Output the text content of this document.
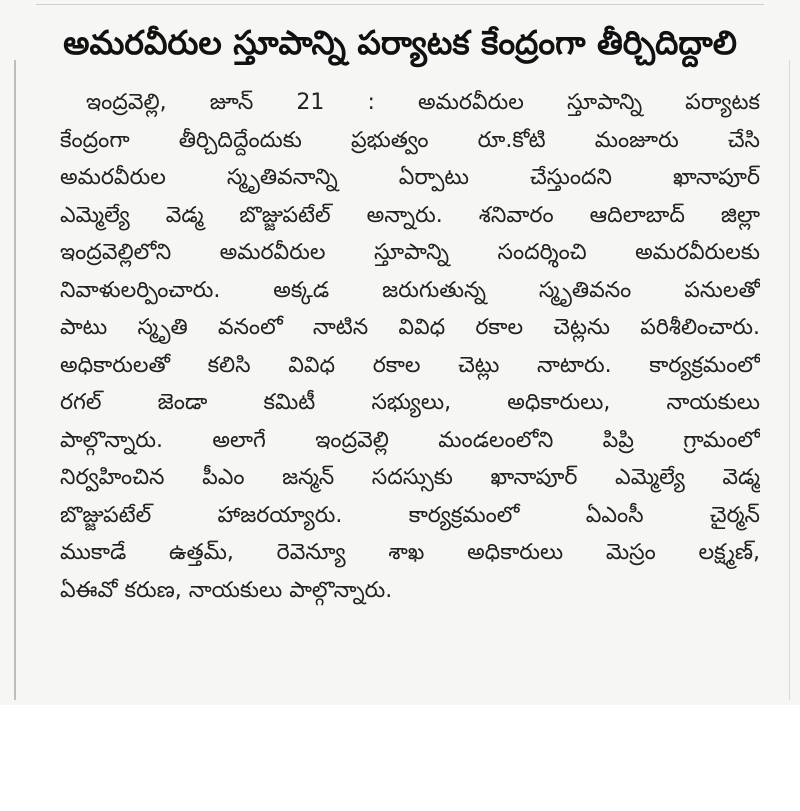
అమరవీరుల స్తూపాన్ని పర్యాటక కేంద్రంగా తీర్చిదిద్దాలి
ఇంద్రవెల్లి, జూన్ 21 : అమరవీరుల స్తూపాన్ని పర్యాటక
కేంద్రంగా తీర్చిదిద్దేందుకు ప్రభుత్వం రూ.కోటి మంజూరు చేసి
అమరవీరుల స్మృతివనాన్ని ఏర్పాటు చేస్తుందని ఖానాపూర్
ఎమ్మెల్యే వెడ్మ బొజ్జుపటేల్ అన్నారు. శనివారం ఆదిలాబాద్ జిల్లా
ఇంద్రవెల్లిలోని అమరవీరుల స్తూపాన్ని సందర్శించి అమరవీరులకు
నివాళులర్పించారు. అక్కడ జరుగుతున్న స్మృతివనం పనులతో
పాటు స్మృతి వనంలో నాటిన వివిధ రకాల చెట్లను పరిశీలించారు.
అధికారులతో కలిసి వివిధ రకాల చెట్లు నాటారు. కార్యక్రమంలో
రగల్ జెండా కమిటీ సభ్యులు, అధికారులు, నాయకులు
పాల్గొన్నారు. అలాగే ఇంద్రవెల్లి మండలంలోని పిప్రి గ్రామంలో
నిర్వహించిన పీఎం జన్మన్ సదస్సుకు ఖానాపూర్ ఎమ్మెల్యే వెడ్మ
బొజ్జుపటేల్ హాజరయ్యారు. కార్యక్రమంలో ఏఎంసీ చైర్మన్
ముకాడే ఉత్తమ్, రెవెన్యూ శాఖ అధికారులు మెస్రం లక్ష్మణ్,
ఏఈవో కరుణ, నాయకులు పాల్గొన్నారు.
